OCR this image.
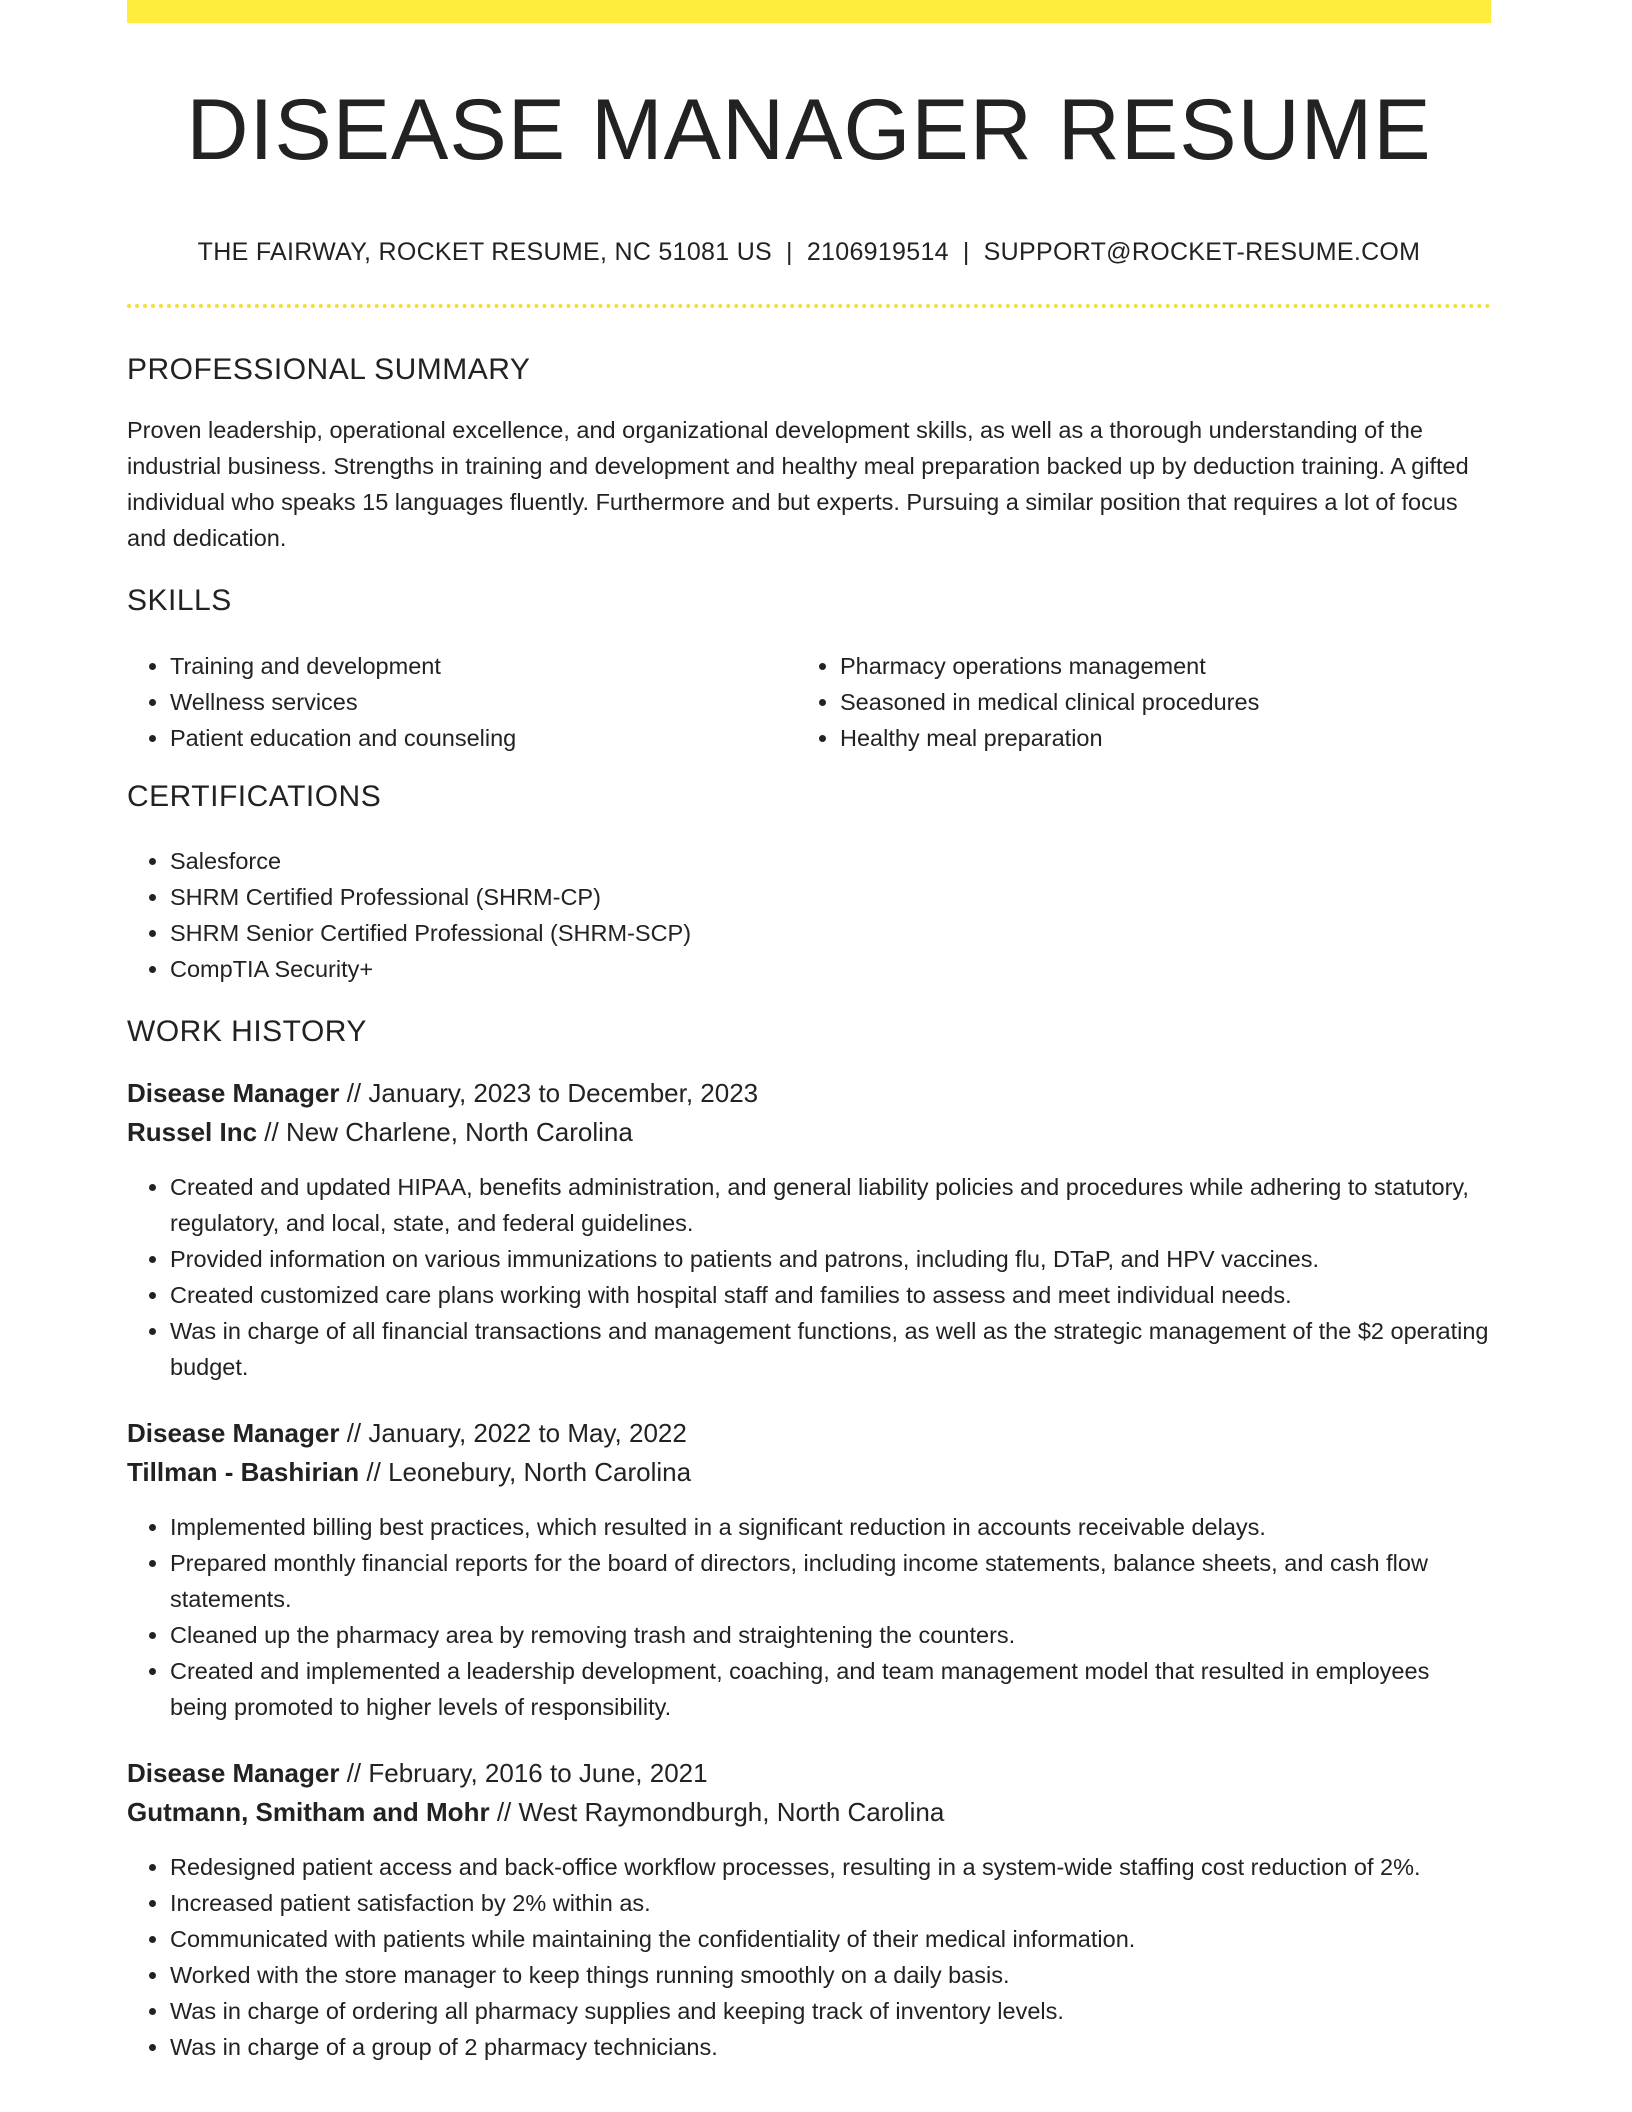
DISEASE MANAGER RESUME
THE FAIRWAY, ROCKET RESUME, NC 51081 US | 2106919514 | SUPPORT@ROCKET-RESUME.COM
PROFESSIONAL SUMMARY

Proven leadership, operational excellence, and organizational development skills, as well as a thorough understanding of the industrial business. Strengths in training and development and healthy meal preparation backed up by deduction training. A gifted individual who speaks 15 languages fluently. Furthermore and but experts. Pursuing a similar position that requires a lot of focus and dedication.

SKILLS
• Training and development
• Wellness services
• Patient education and counseling
• Pharmacy operations management
• Seasoned in medical clinical procedures
• Healthy meal preparation
CERTIFICATIONS
• Salesforce
• SHRM Certified Professional (SHRM-CP)
• SHRM Senior Certified Professional (SHRM-SCP)
• CompTIA Security+
WORK HISTORY
Disease Manager // January, 2023 to December, 2023
Russel Inc // New Charlene, North Carolina
• Created and updated HIPAA, benefits administration, and general liability policies and procedures while adhering to statutory, regulatory, and local, state, and federal guidelines.
• Provided information on various immunizations to patients and patrons, including flu, DTaP, and HPV vaccines.
• Created customized care plans working with hospital staff and families to assess and meet individual needs.
• Was in charge of all financial transactions and management functions, as well as the strategic management of the $2 operating budget.
Disease Manager // January, 2022 to May, 2022
Tillman - Bashirian // Leonebury, North Carolina
• Implemented billing best practices, which resulted in a significant reduction in accounts receivable delays.
• Prepared monthly financial reports for the board of directors, including income statements, balance sheets, and cash flow statements.
• Cleaned up the pharmacy area by removing trash and straightening the counters.
• Created and implemented a leadership development, coaching, and team management model that resulted in employees being promoted to higher levels of responsibility.
Disease Manager // February, 2016 to June, 2021
Gutmann, Smitham and Mohr // West Raymondburgh, North Carolina
• Redesigned patient access and back-office workflow processes, resulting in a system-wide staffing cost reduction of 2%.
• Increased patient satisfaction by 2% within as.
• Communicated with patients while maintaining the confidentiality of their medical information.
• Worked with the store manager to keep things running smoothly on a daily basis.
• Was in charge of ordering all pharmacy supplies and keeping track of inventory levels.
• Was in charge of a group of 2 pharmacy technicians.
